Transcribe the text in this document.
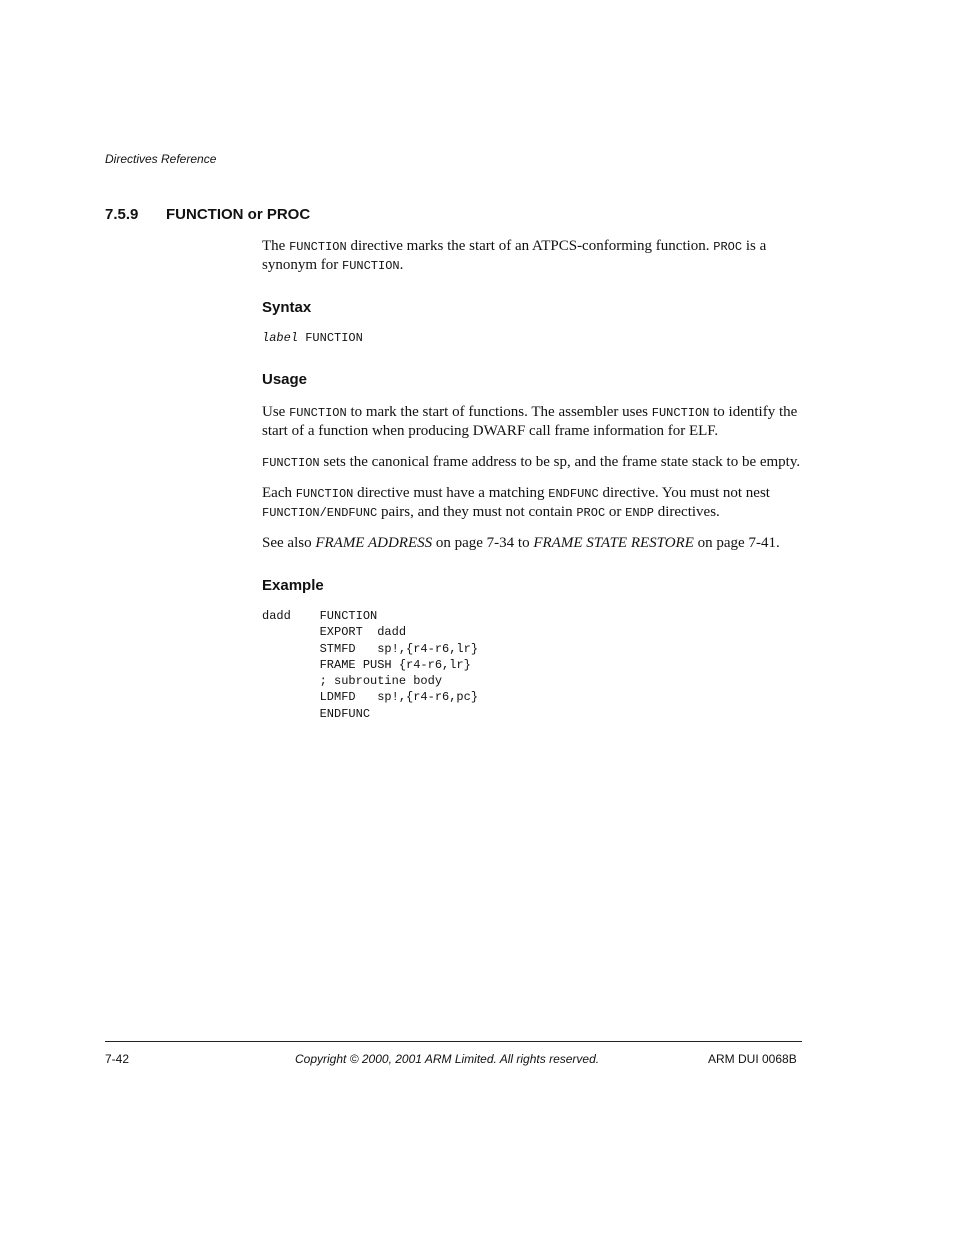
Directives Reference
7.5.9 FUNCTION or PROC

The FUNCTION directive marks the start of an ATPCS-conforming function. PROC is a synonym for FUNCTION.

Syntax
label FUNCTION
Usage

Use FUNCTION to mark the start of functions. The assembler uses FUNCTION to identify the start of a function when producing DWARF call frame information for ELF.

FUNCTION sets the canonical frame address to be sp, and the frame state stack to be empty.

Each FUNCTION directive must have a matching ENDFUNC directive. You must not nest FUNCTION/ENDFUNC pairs, and they must not contain PROC or ENDP directives.

See also FRAME ADDRESS on page 7-34 to FRAME STATE RESTORE on page 7-41.

Example
dadd    FUNCTION
EXPORT  dadd
STMFD   sp!,{r4-r6,lr}
FRAME PUSH {r4-r6,lr}
; subroutine body
LDMFD   sp!,{r4-r6,pc}
ENDFUNC
7-42	Copyright © 2000, 2001 ARM Limited. All rights reserved.	ARM DUI 0068B
